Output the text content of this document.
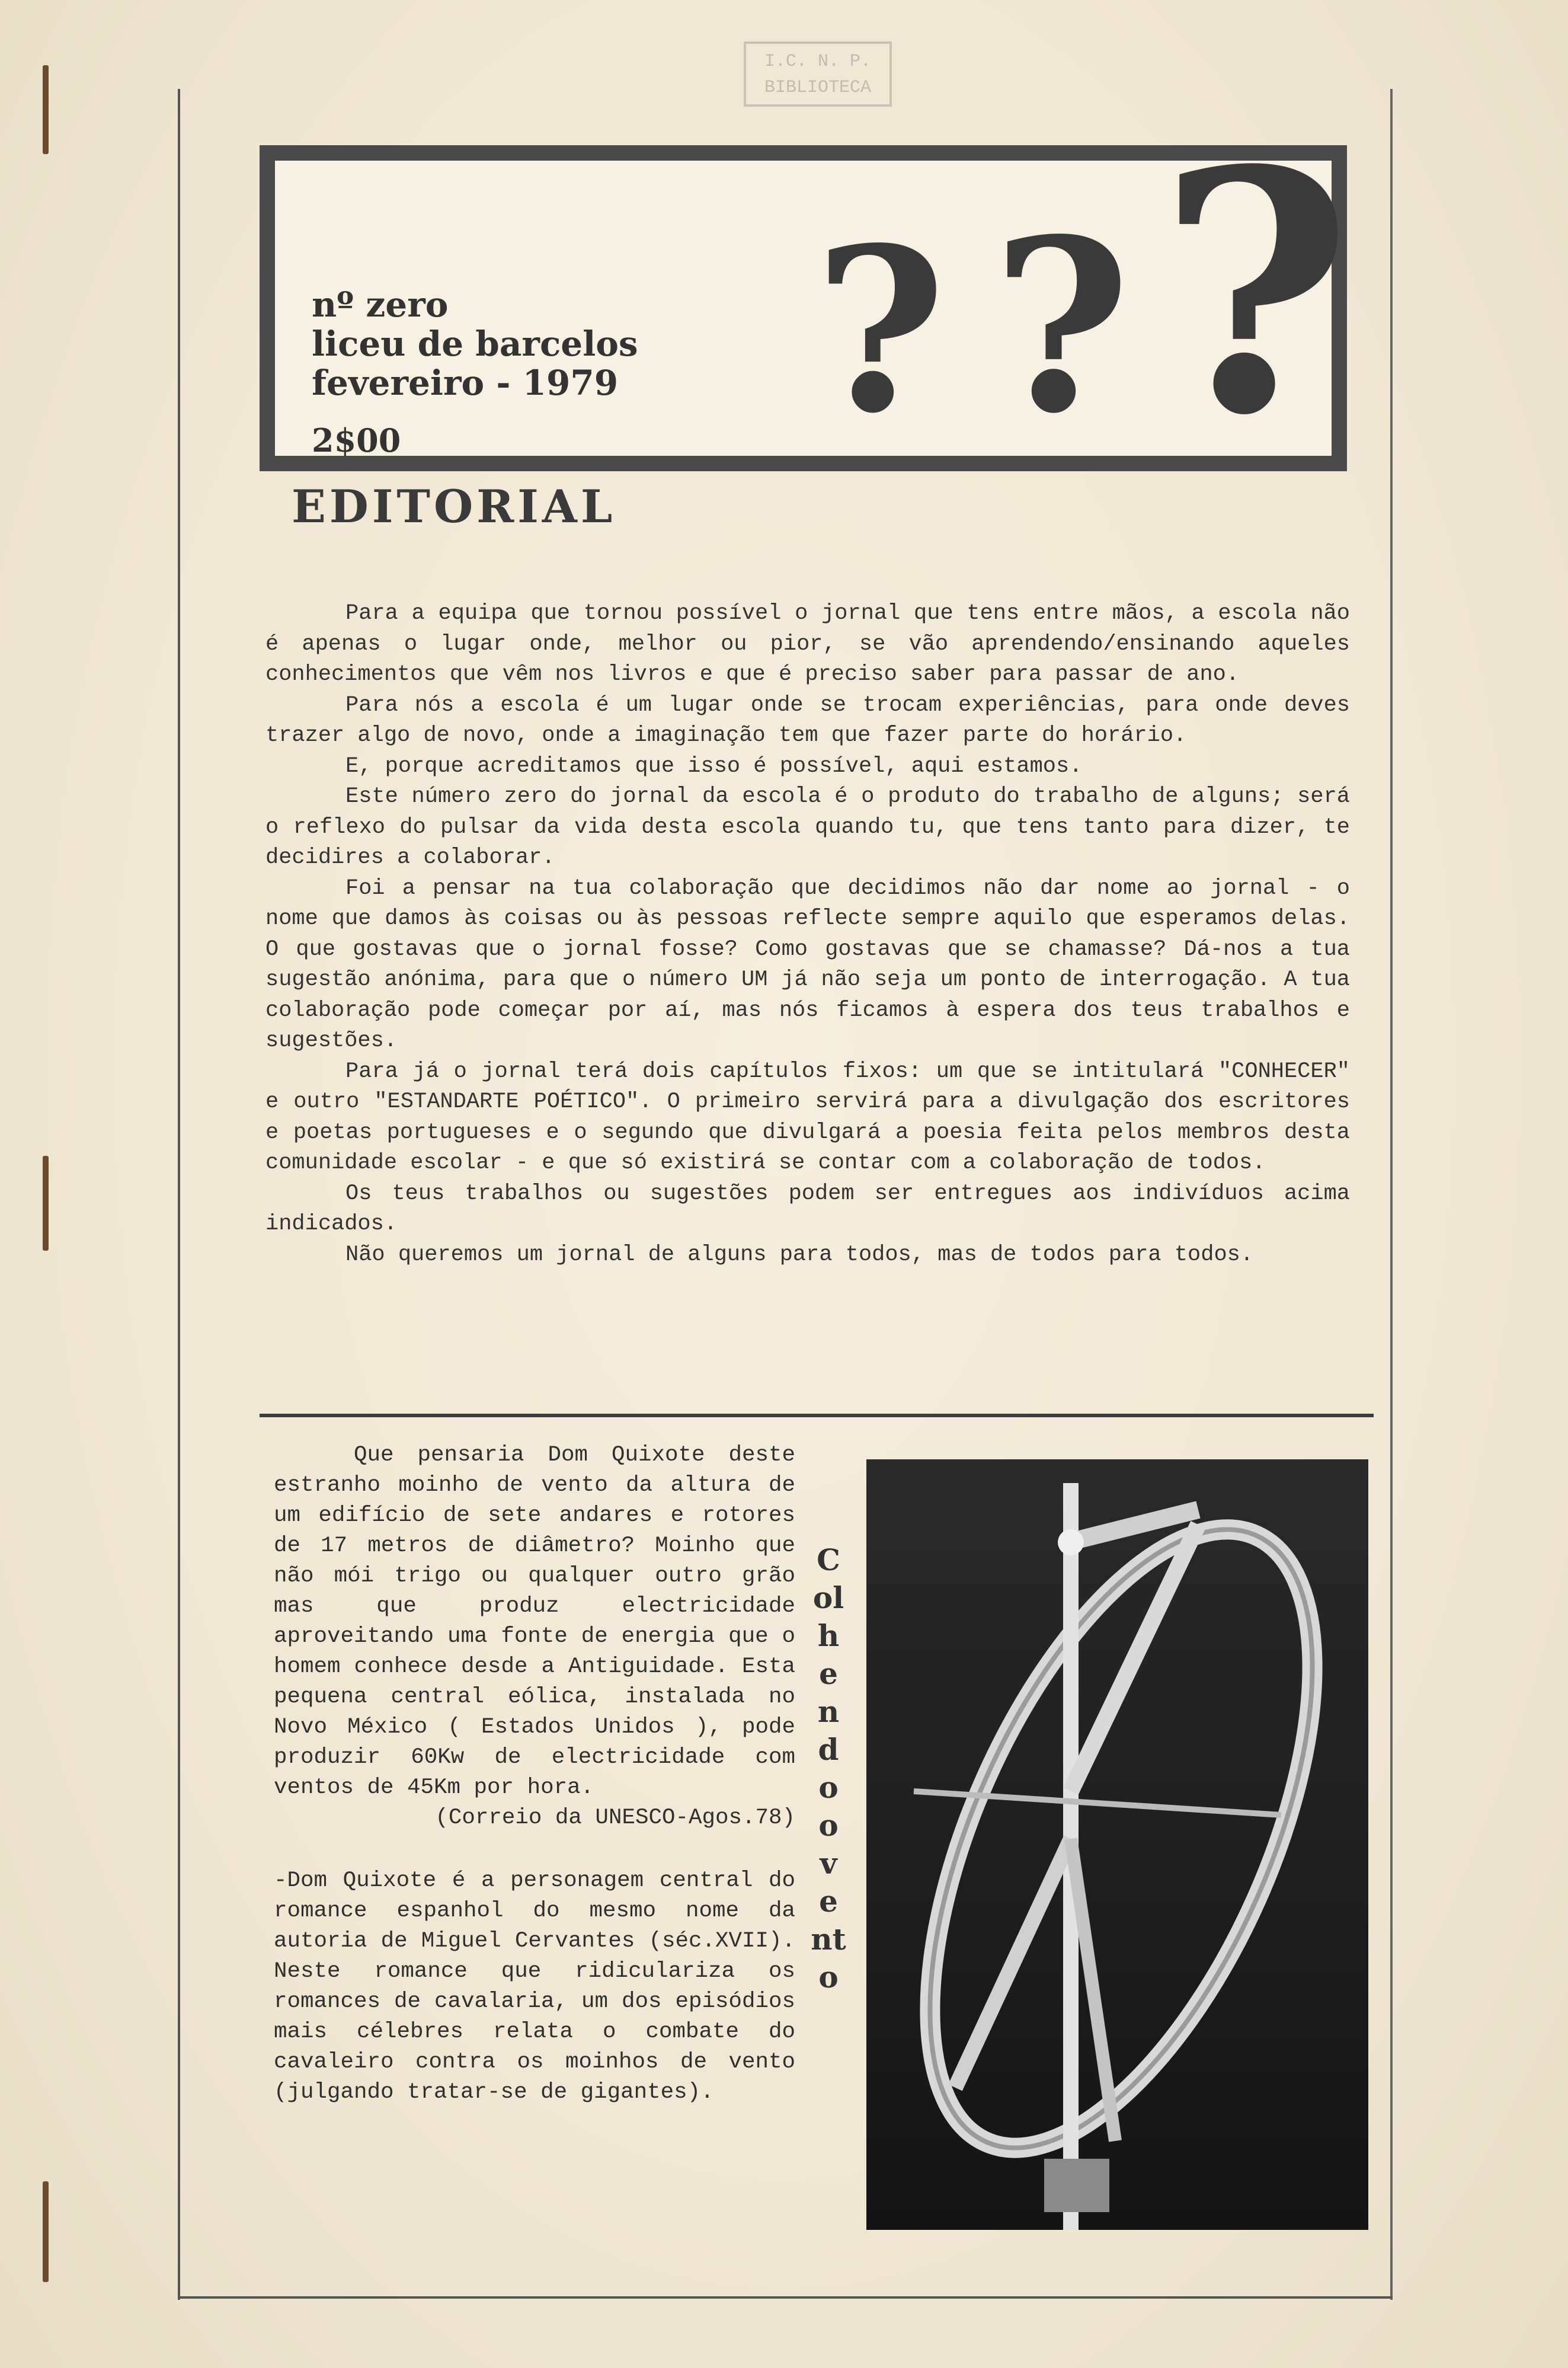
I.C. N. P.
BIBLIOTECA
nº zero
liceu de barcelos
fevereiro - 1979
2$00 ? ? ?
EDITORIAL

Para a equipa que tornou possível o jornal que tens entre mãos, a escola não é apenas o lugar onde, melhor ou pior, se vão aprendendo/ensinando aqueles conhecimentos que vêm nos livros e que é preciso saber para passar de ano.

Para nós a escola é um lugar onde se trocam experiências, para onde deves trazer algo de novo, onde a imaginação tem que fazer parte do horário.

E, porque acreditamos que isso é possível, aqui estamos.

Este número zero do jornal da escola é o produto do trabalho de alguns; será o reflexo do pulsar da vida desta escola quando tu, que tens tanto para dizer, te decidires a colaborar.

Foi a pensar na tua colaboração que decidimos não dar nome ao jornal - o nome que damos às coisas ou às pessoas reflecte sempre aquilo que esperamos delas. O que gostavas que o jornal fosse? Como gostavas que se chamasse? Dá-nos a tua sugestão anónima, para que o número UM já não seja um ponto de interrogação. A tua colaboração pode começar por aí, mas nós ficamos à espera dos teus trabalhos e sugestões.

Para já o jornal terá dois capítulos fixos: um que se intitulará "CONHECER" e outro "ESTANDARTE POÉTICO". O primeiro servirá para a divulgação dos escritores e poetas portugueses e o segundo que divulgará a poesia feita pelos membros desta comunidade escolar - e que só existirá se contar com a colaboração de todos.

Os teus trabalhos ou sugestões podem ser entregues aos indivíduos acima indicados.

Não queremos um jornal de alguns para todos, mas de todos para todos.

Que pensaria Dom Quixote deste estranho moinho de vento da altura de um edifício de sete andares e rotores de 17 metros de diâmetro? Moinho que não mói trigo ou qualquer outro grão mas que produz electricidade aproveitando uma fonte de energia que o homem conhece desde a Antiguidade. Esta pequena central eólica, instalada no Novo México ( Estados Unidos ), pode produzir 60Kw de electricidade com ventos de 45Km por hora.

(Correio da UNESCO-Agos.78)

-Dom Quixote é a personagem central do romance espanhol do mesmo nome da autoria de Miguel Cervantes (séc.XVII). Neste romance que ridiculariza os romances de cavalaria, um dos episódios mais célebres relata o combate do cavaleiro contra os moinhos de vento (julgando tratar-se de gigantes).

Colhendo o vento
